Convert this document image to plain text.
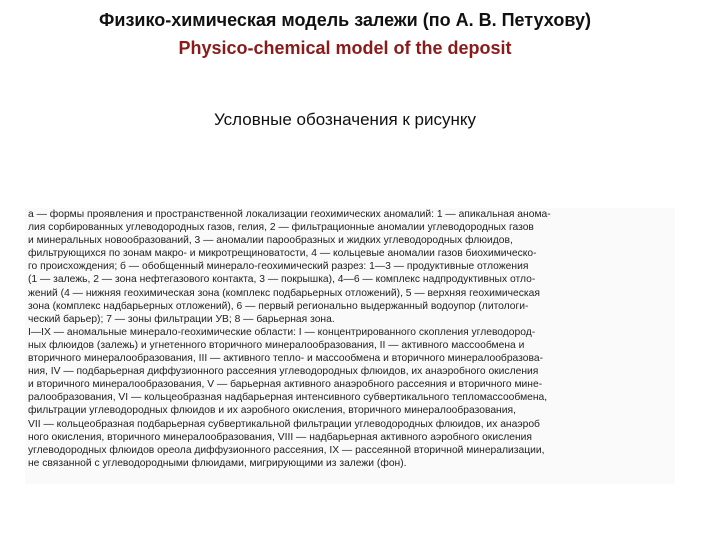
Физико-химическая модель залежи (по А. В. Петухову)
Physico-chemical model of the deposit
Условные обозначения к рисунку
а — формы проявления и пространственной локализации геохимических аномалий: 1 — апикальная анома-
лия сорбированных углеводородных газов, гелия, 2 — фильтрационные аномалии углеводородных газов
и минеральных новообразований, 3 — аномалии парообразных и жидких углеводородных флюидов,
фильтрующихся по зонам макро- и микротрещиноватости, 4 — кольцевые аномалии газов биохимическо-
го происхождения; б — обобщенный минерало-геохимический разрез: 1—3 — продуктивные отложения
(1 — залежь, 2 — зона нефтегазового контакта, 3 — покрышка), 4—6 — комплекс надпродуктивных отло-
жений (4 — нижняя геохимическая зона (комплекс подбарьерных отложений), 5 — верхняя геохимическая
зона (комплекс надбарьерных отложений), 6 — первый регионально выдержанный водоупор (литологи-
ческий барьер); 7 — зоны фильтрации УВ; 8 — барьерная зона.
I—IX — аномальные минерало-геохимические области: I — концентрированного скопления углеводород-
ных флюидов (залежь) и угнетенного вторичного минералообразования, II — активного массообмена и
вторичного минералообразования, III — активного тепло- и массообмена и вторичного минералообразова-
ния, IV — подбарьерная диффузионного рассеяния углеводородных флюидов, их анаэробного окисления
и вторичного минералообразования, V — барьерная активного анаэробного рассеяния и вторичного мине-
ралообразования, VI — кольцеобразная надбарьерная интенсивного субвертикального тепломассообмена,
фильтрации углеводородных флюидов и их аэробного окисления, вторичного минералообразования,
VII — кольцеобразная подбарьерная субвертикальной фильтрации углеводородных флюидов, их анаэроб
ного окисления, вторичного минералообразования, VIII — надбарьерная активного аэробного окисления
углеводородных флюидов ореола диффузионного рассеяния, IX — рассеянной вторичной минерализации,
не связанной с углеводородными флюидами, мигрирующими из залежи (фон).
